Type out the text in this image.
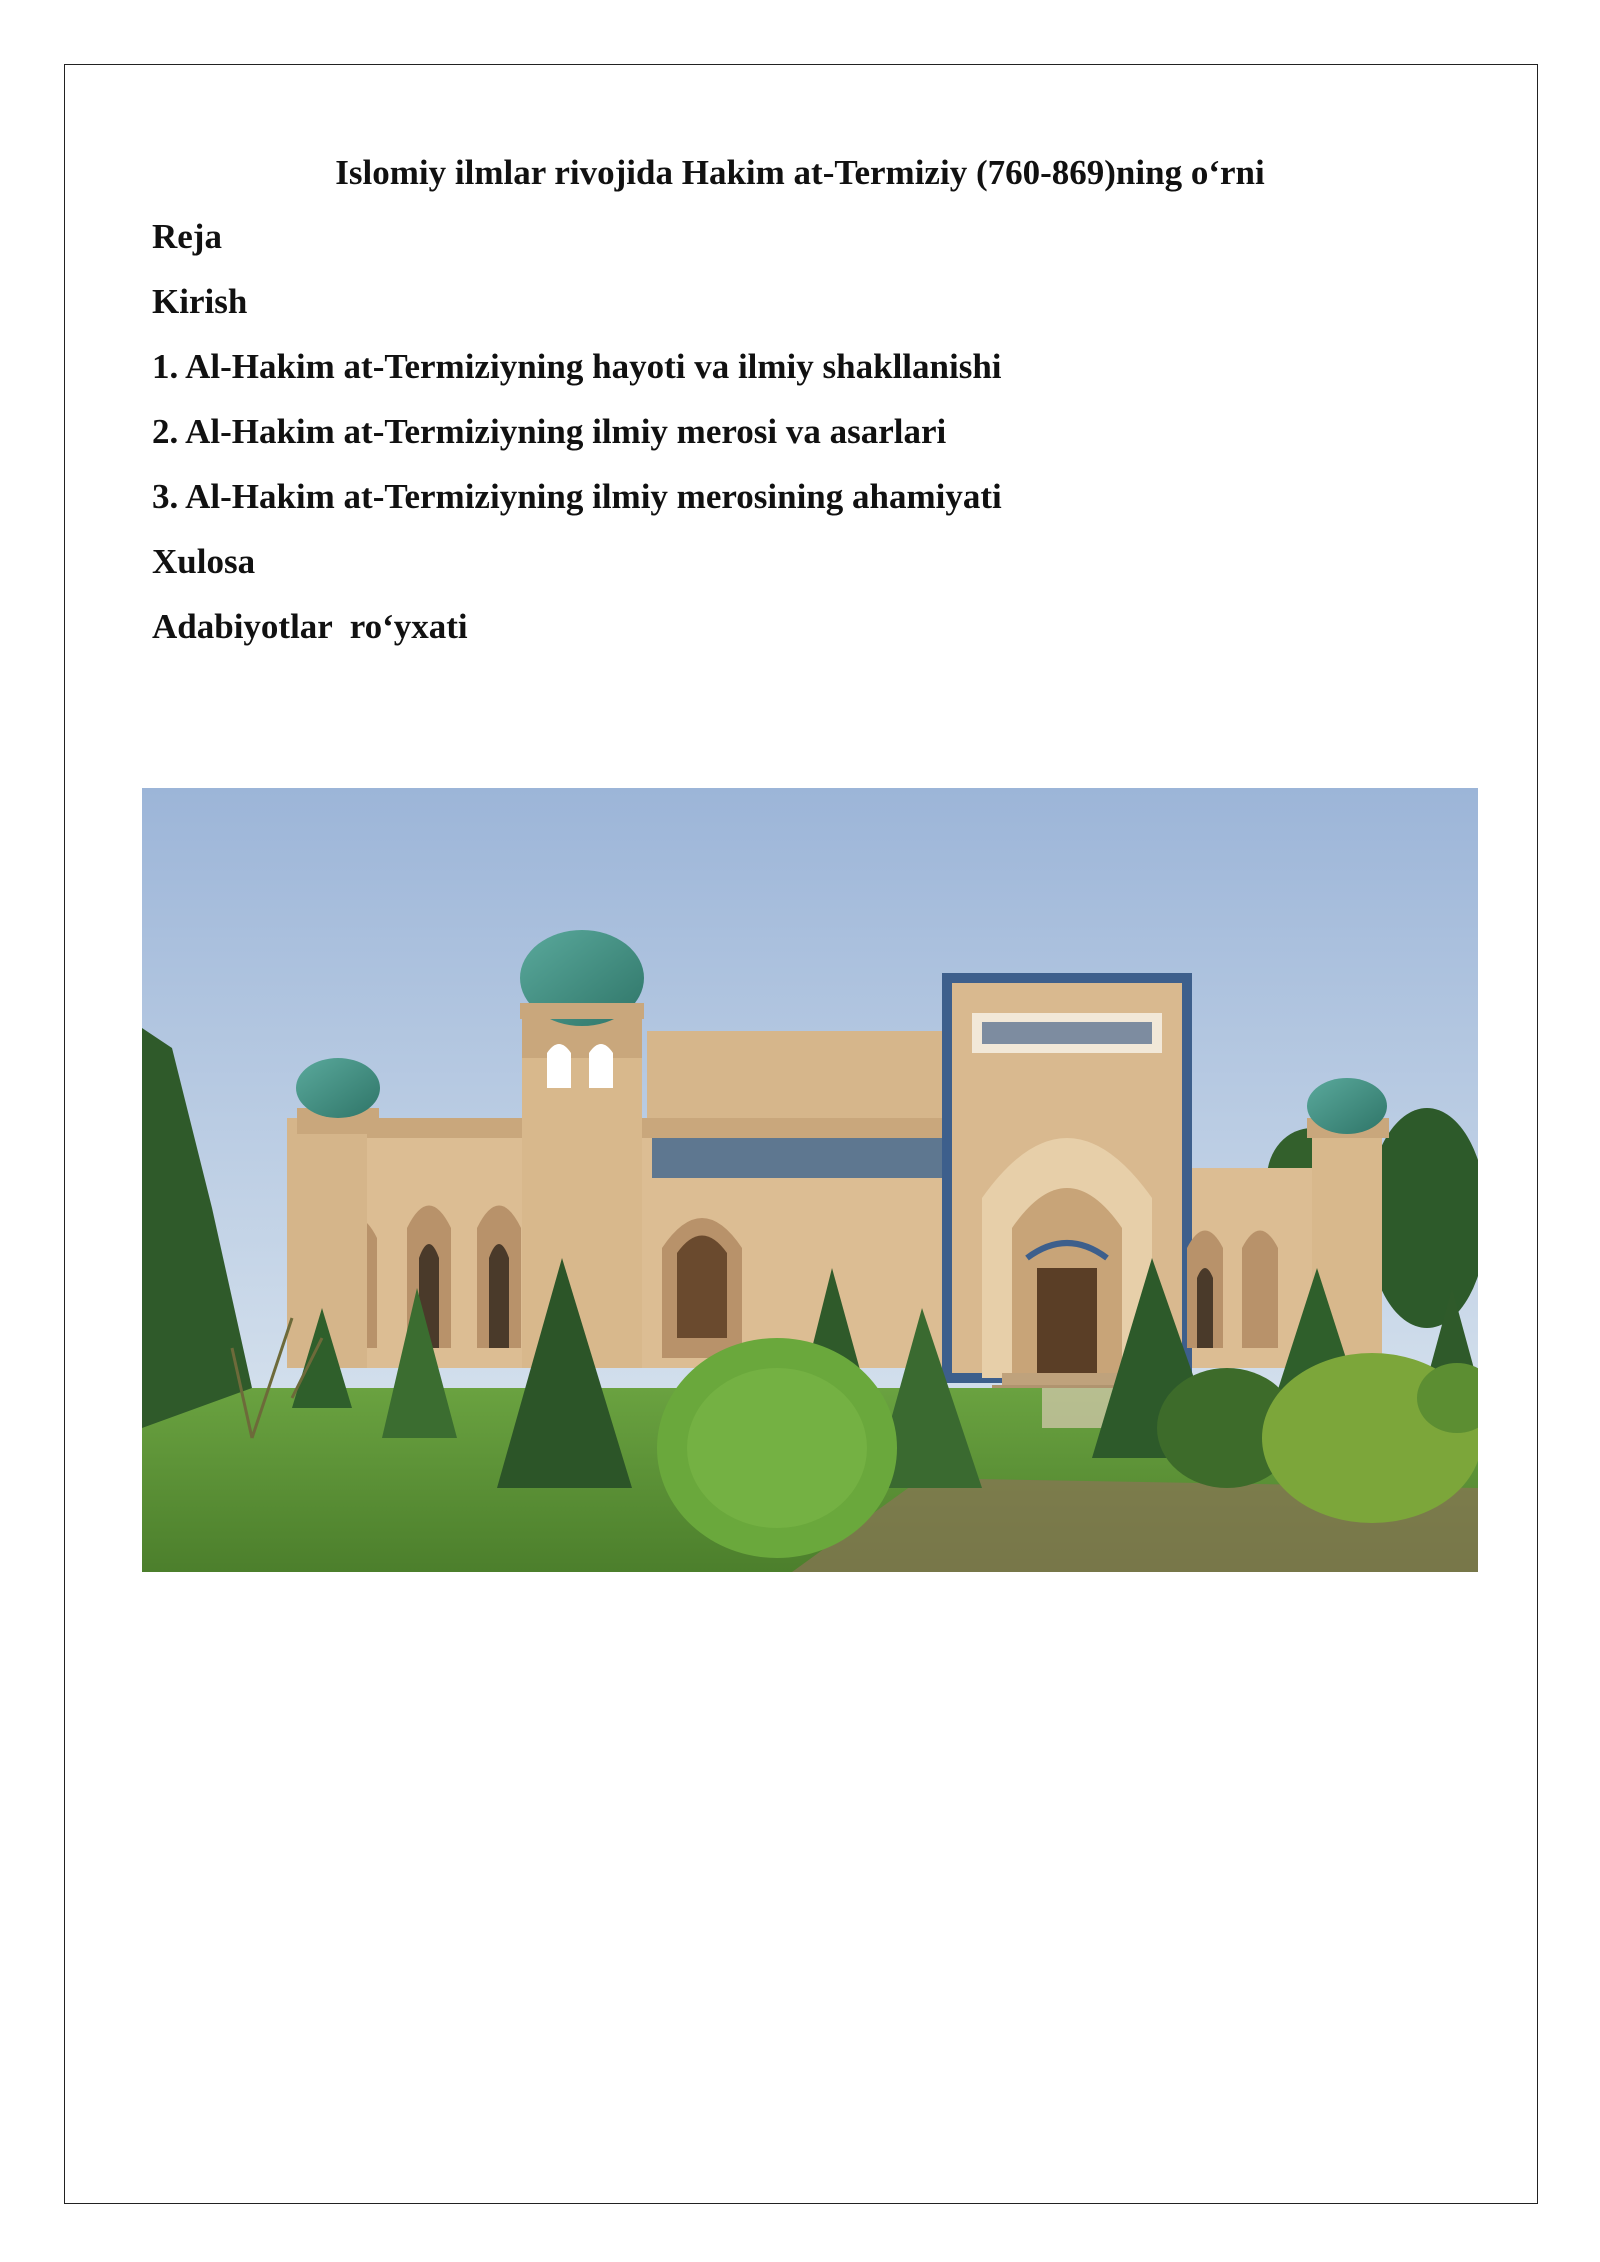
Islomiy ilmlar rivojida Hakim at-Termiziy (760-869)ning o‘rni
Reja
Kirish
1. Al-Hakim at-Termiziyning hayoti va ilmiy shakllanishi
2. Al-Hakim at-Termiziyning ilmiy merosi va asarlari
3. Al-Hakim at-Termiziyning ilmiy merosining ahamiyati
Xulosa
Adabiyotlar  ro‘yxati
